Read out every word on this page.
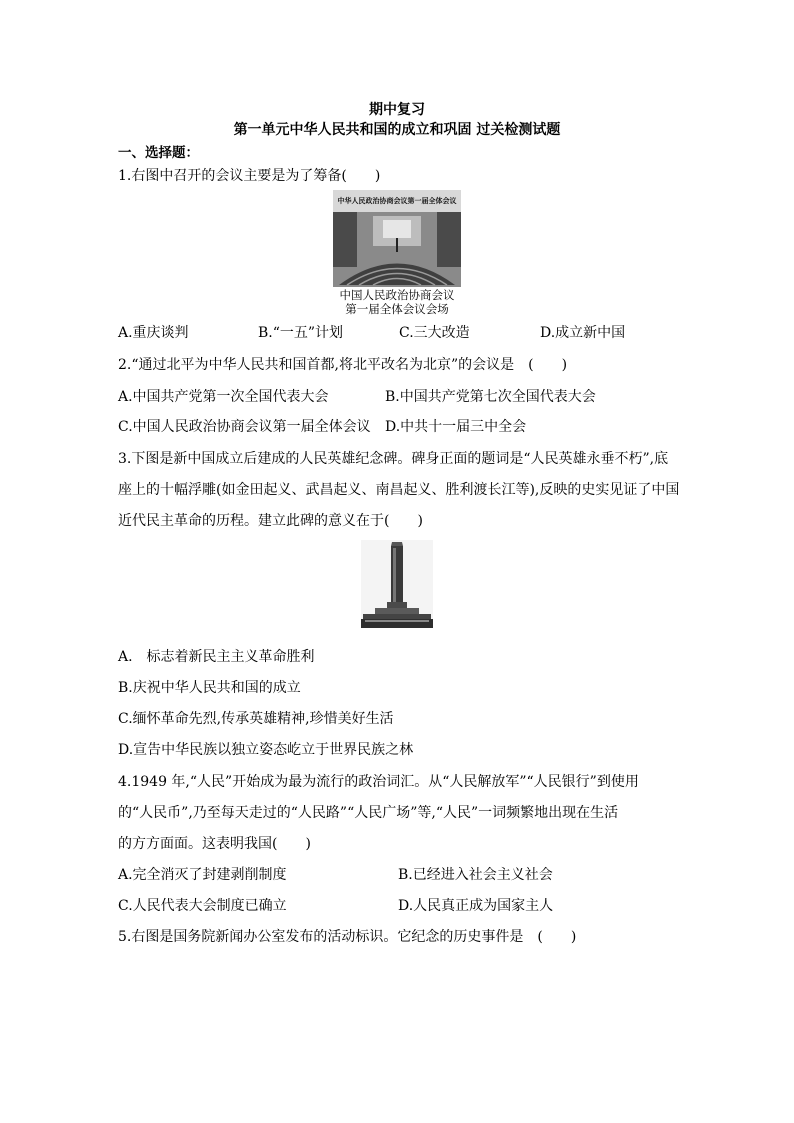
期中复习
第一单元中华人民共和国的成立和巩固 过关检测试题
一、选择题：
1.右图中召开的会议主要是为了筹备(　　)
中华人民政治协商会议第一届全体会议
中国人民政治协商会议
第一届全体会议会场
A.重庆谈判	B.“一五”计划	C.三大改造	D.成立新中国
2.“通过北平为中华人民共和国首都,将北平改名为北京”的会议是　(　　)
A.中国共产党第一次全国代表大会	B.中国共产党第七次全国代表大会
C.中国人民政治协商会议第一届全体会议 D.中共十一届三中全会
3.下图是新中国成立后建成的人民英雄纪念碑。碑身正面的题词是“人民英雄永垂不朽”,底
座上的十幅浮雕(如金田起义、武昌起义、南昌起义、胜利渡长江等),反映的史实见证了中国
近代民主革命的历程。建立此碑的意义在于(　　)
A.　标志着新民主主义革命胜利
B.庆祝中华人民共和国的成立
C.缅怀革命先烈,传承英雄精神,珍惜美好生活
D.宣告中华民族以独立姿态屹立于世界民族之林
4.1949 年,“人民”开始成为最为流行的政治词汇。从“人民解放军”“人民银行”到使用
的“人民币”,乃至每天走过的“人民路”“人民广场”等,“人民”一词频繁地出现在生活
的方方面面。这表明我国(　　)
A.完全消灭了封建剥削制度	B.已经进入社会主义社会
C.人民代表大会制度已确立	D.人民真正成为国家主人
5.右图是国务院新闻办公室发布的活动标识。它纪念的历史事件是　(　　)
